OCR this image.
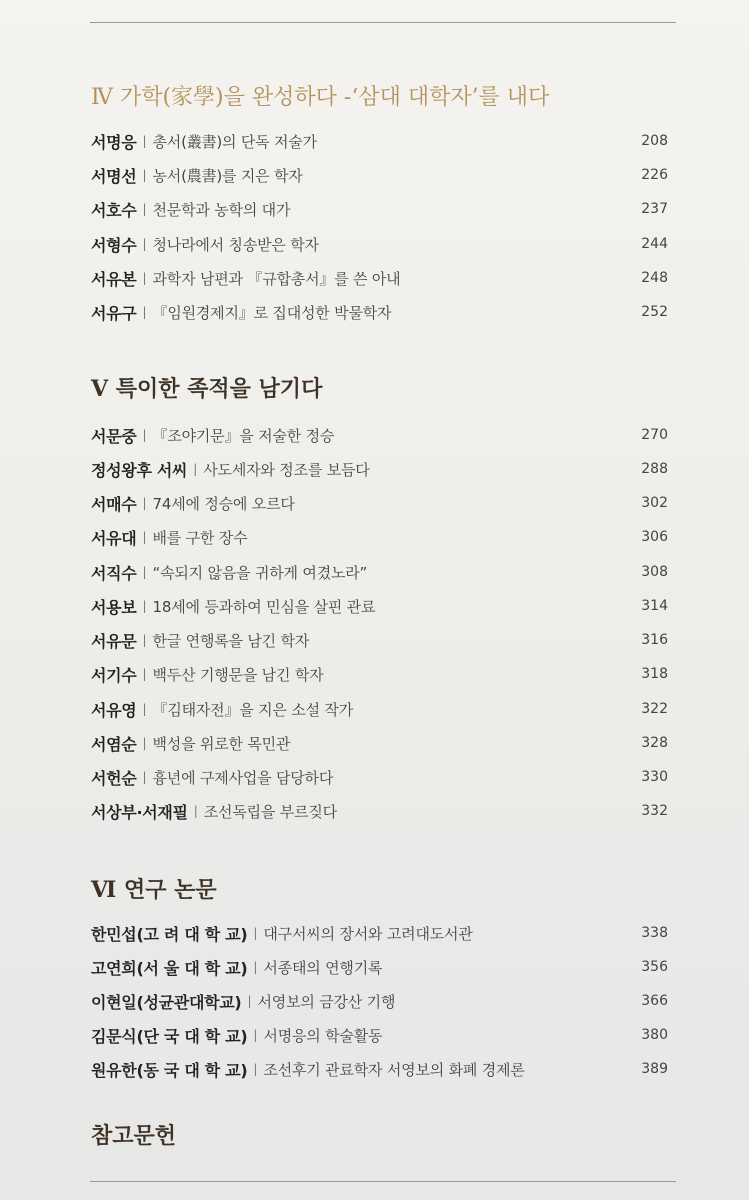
Ⅳ 가학(家學)을 완성하다 -‘삼대 대학자’를 내다
서명응 | 총서(叢書)의 단독 저술가	208
서명선 | 농서(農書)를 지은 학자	226
서호수 | 천문학과 농학의 대가	237
서형수 | 청나라에서 칭송받은 학자	244
서유본 | 과학자 남편과 『규합총서』를 쓴 아내	248
서유구 | 『임원경제지』로 집대성한 박물학자	252
Ⅴ 특이한 족적을 남기다
서문중 | 『조야기문』을 저술한 정승	270
정성왕후 서씨 | 사도세자와 정조를 보듬다	288
서매수 | 74세에 정승에 오르다	302
서유대 | 배를 구한 장수	306
서직수 | “속되지 않음을 귀하게 여겼노라”	308
서용보 | 18세에 등과하여 민심을 살핀 관료	314
서유문 | 한글 연행록을 남긴 학자	316
서기수 | 백두산 기행문을 남긴 학자	318
서유영 | 『김태자전』을 지은 소설 작가	322
서염순 | 백성을 위로한 목민관	328
서헌순 | 흉년에 구제사업을 담당하다	330
서상부·서재필 | 조선독립을 부르짖다	332
Ⅵ 연구 논문
한민섭(고 려 대 학 교) | 대구서씨의 장서와 고려대도서관	338
고연희(서 울 대 학 교) | 서종태의 연행기록	356
이현일(성균관대학교) | 서영보의 금강산 기행	366
김문식(단 국 대 학 교) | 서명응의 학술활동	380
원유한(동 국 대 학 교) | 조선후기 관료학자 서영보의 화폐 경제론	389
참고문헌
